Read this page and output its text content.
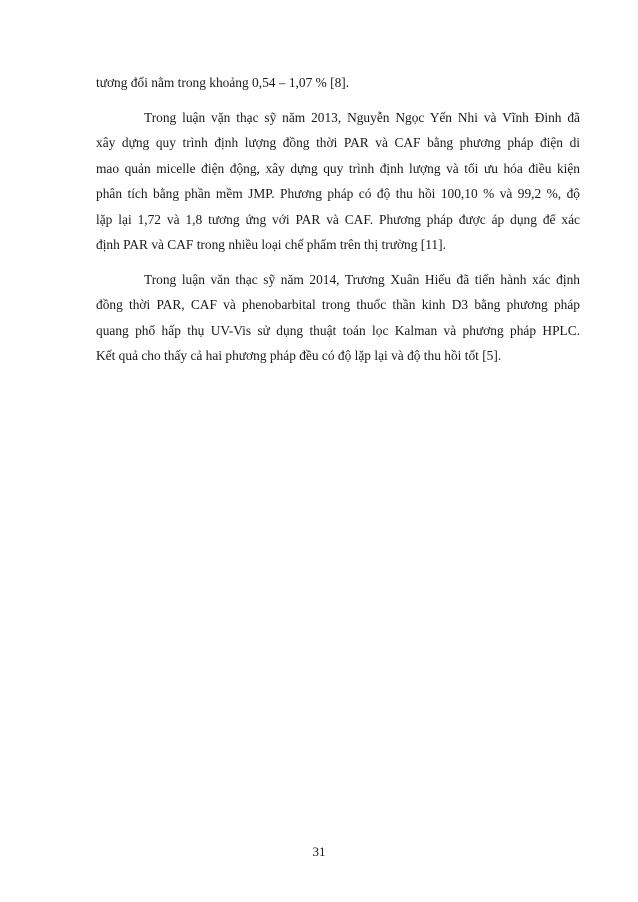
tương đối nằm trong khoảng 0,54 – 1,07 % [8].
Trong luận vặn thạc sỹ năm 2013, Nguyễn Ngọc Yến Nhi và Vĩnh Đinh đã
xây dựng quy trình định lượng đồng thời PAR và CAF bằng phương pháp điện di
mao quản micelle điện động, xây dựng quy trình định lượng và tối ưu hóa điều kiện
phân tích bằng phần mềm JMP. Phương pháp có độ thu hồi 100,10 % và 99,2 %, độ
lặp lại 1,72 và 1,8 tương ứng với PAR và CAF. Phương pháp được áp dụng để xác
định PAR và CAF trong nhiều loại chế phẩm trên thị trường [11].
Trong luận văn thạc sỹ năm 2014, Trương Xuân Hiếu đã tiến hành xác định
đồng thời PAR, CAF và phenobarbital trong thuốc thần kinh D3 bằng phương pháp
quang phổ hấp thụ UV-Vis sử dụng thuật toán lọc Kalman và phương pháp HPLC.
Kết quả cho thấy cả hai phương pháp đều có độ lặp lại và độ thu hồi tốt [5].
31
